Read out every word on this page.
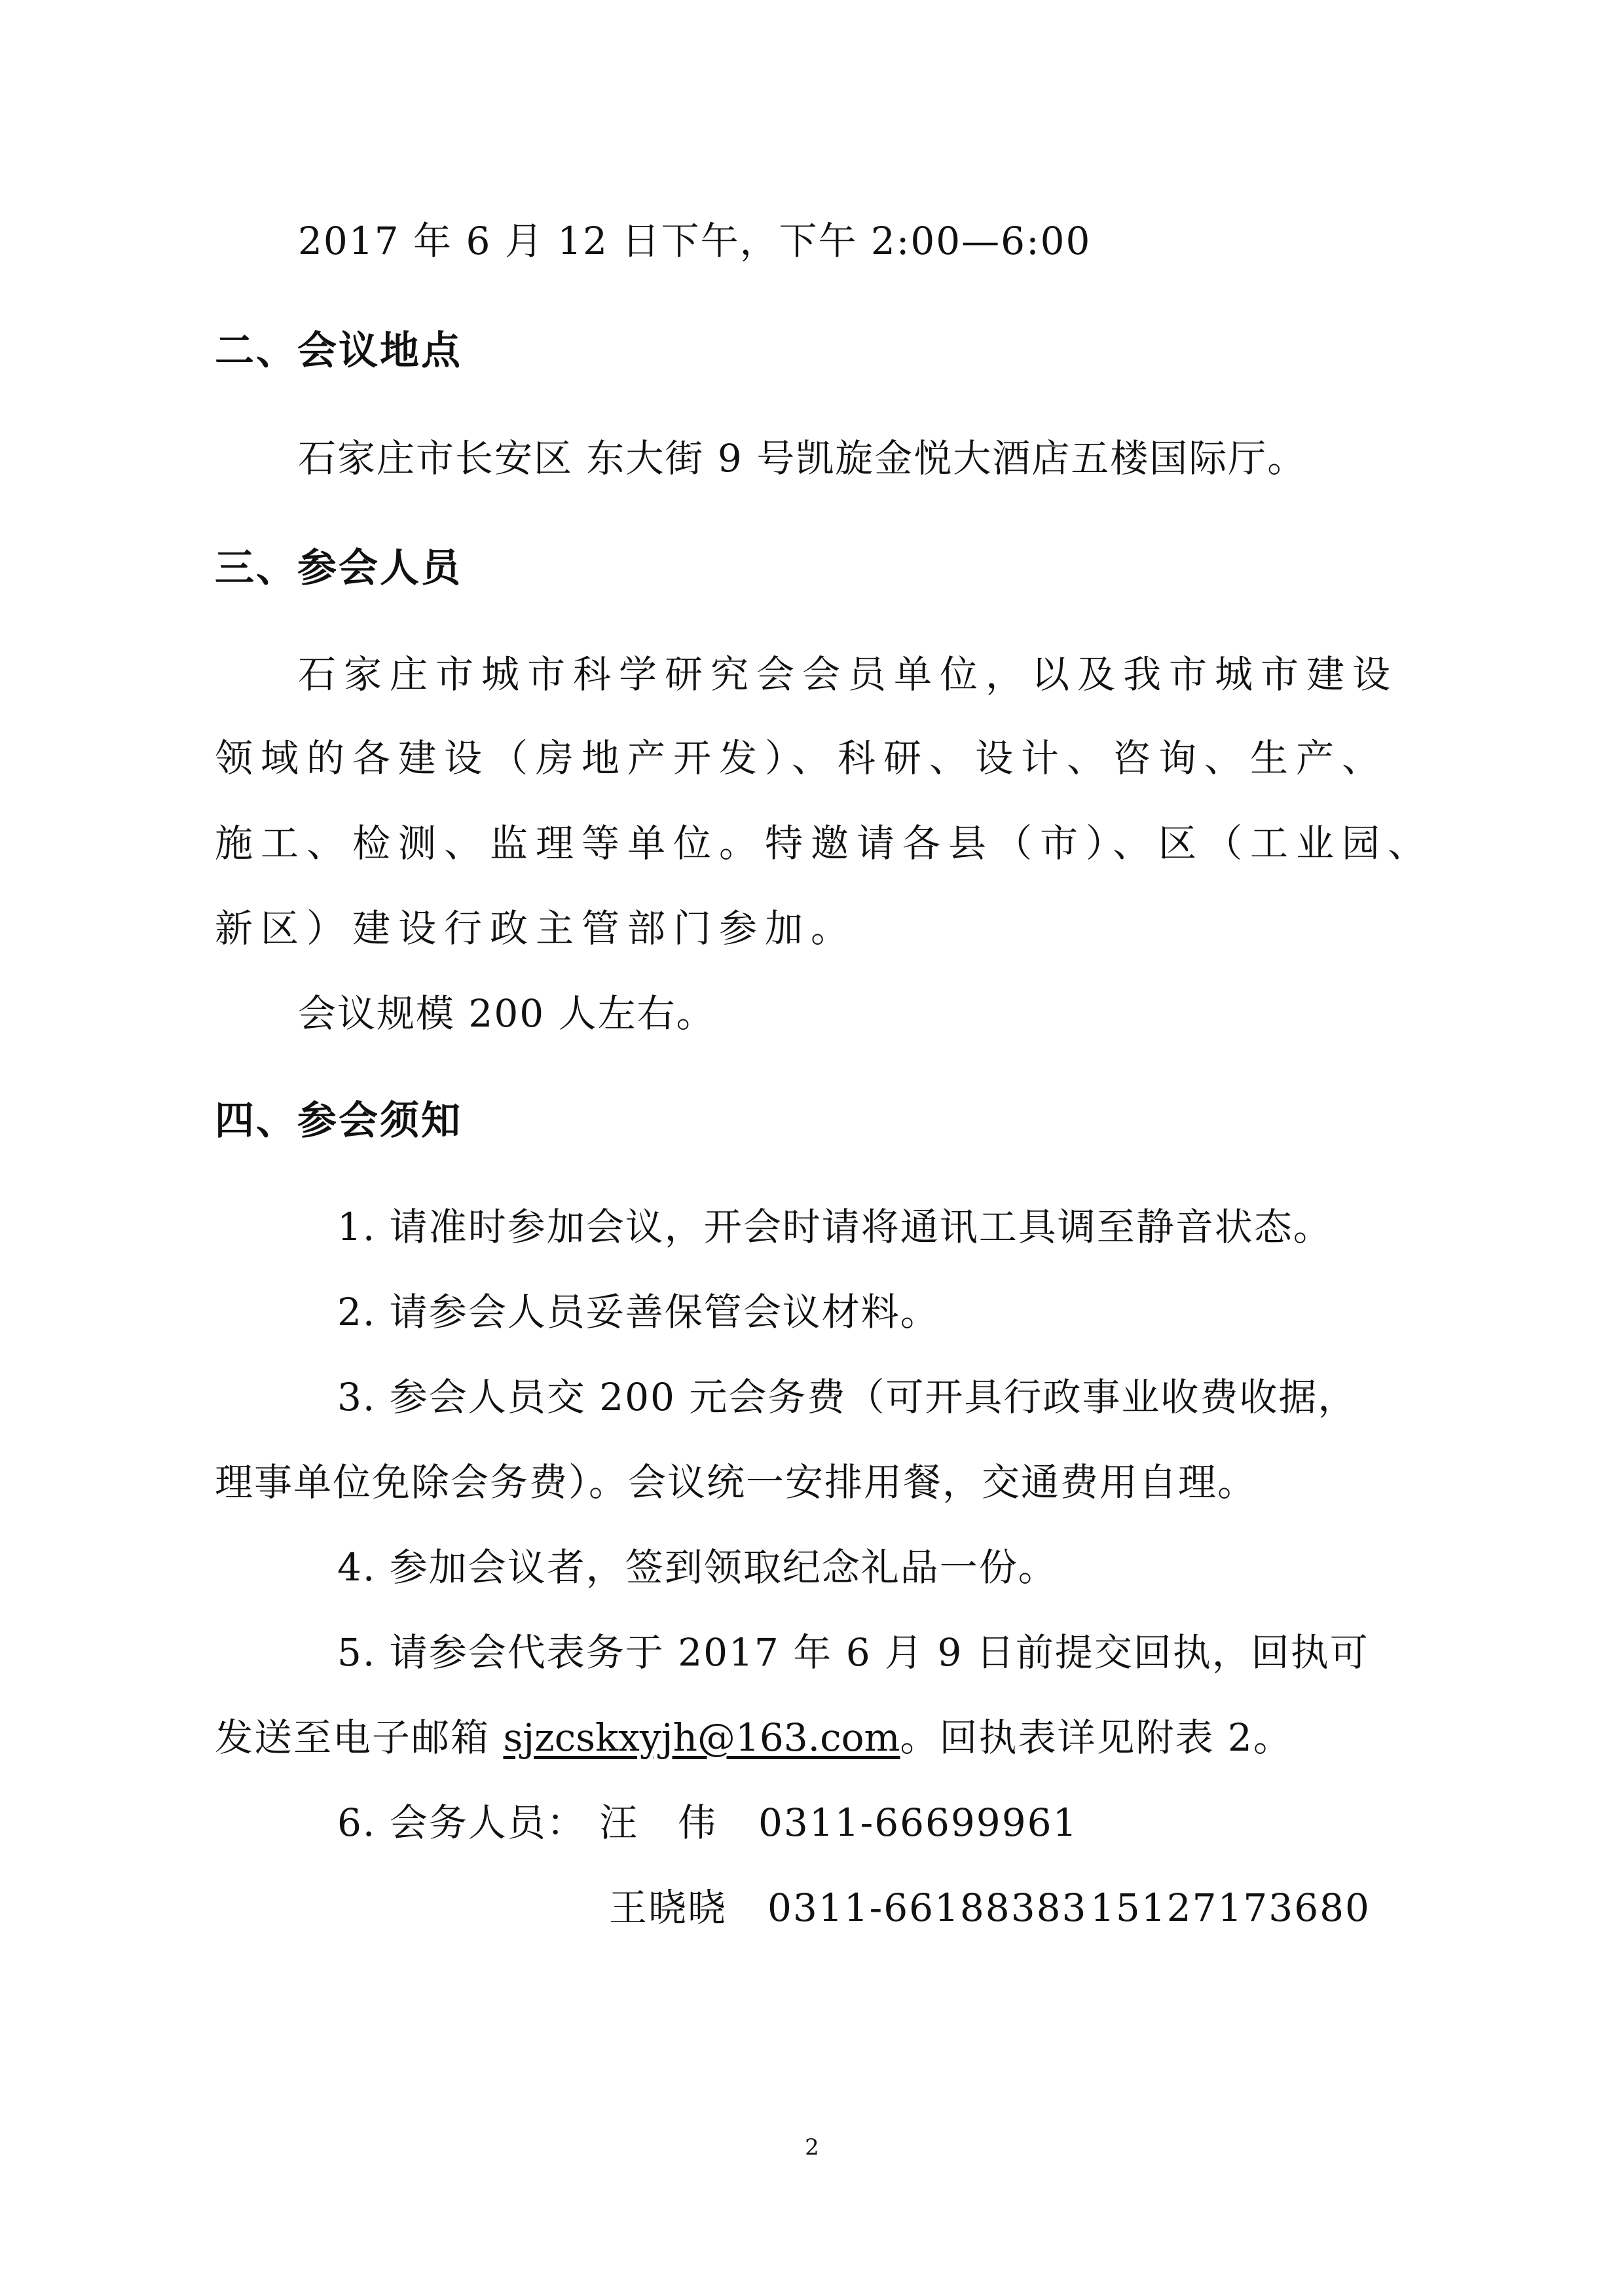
2017 年 6 月 12 日下午，下午 2:00—6:00
二、会议地点
石家庄市长安区 东大街 9 号凯旋金悦大酒店五楼国际厅。
三、参会人员
石家庄市城市科学研究会会员单位，以及我市城市建设
领域的各建设（房地产开发）、科研、设计、咨询、生产、
施工、检测、监理等单位。特邀请各县（市）、区（工业园、
新区）建设行政主管部门参加。
会议规模 200 人左右。
四、参会须知
1. 请准时参加会议，开会时请将通讯工具调至静音状态。
2. 请参会人员妥善保管会议材料。
3. 参会人员交 200 元会务费（可开具行政事业收费收据，
理事单位免除会务费）。会议统一安排用餐，交通费用自理。
4. 参加会议者，签到领取纪念礼品一份。
5. 请参会代表务于 2017 年 6 月 9 日前提交回执，回执可
发送至电子邮箱 sjzcskxyjh@163.com。回执表详见附表 2。
6. 会务人员： 汪　伟 0311-66699961
王晓晓 0311-66188383 15127173680
2
